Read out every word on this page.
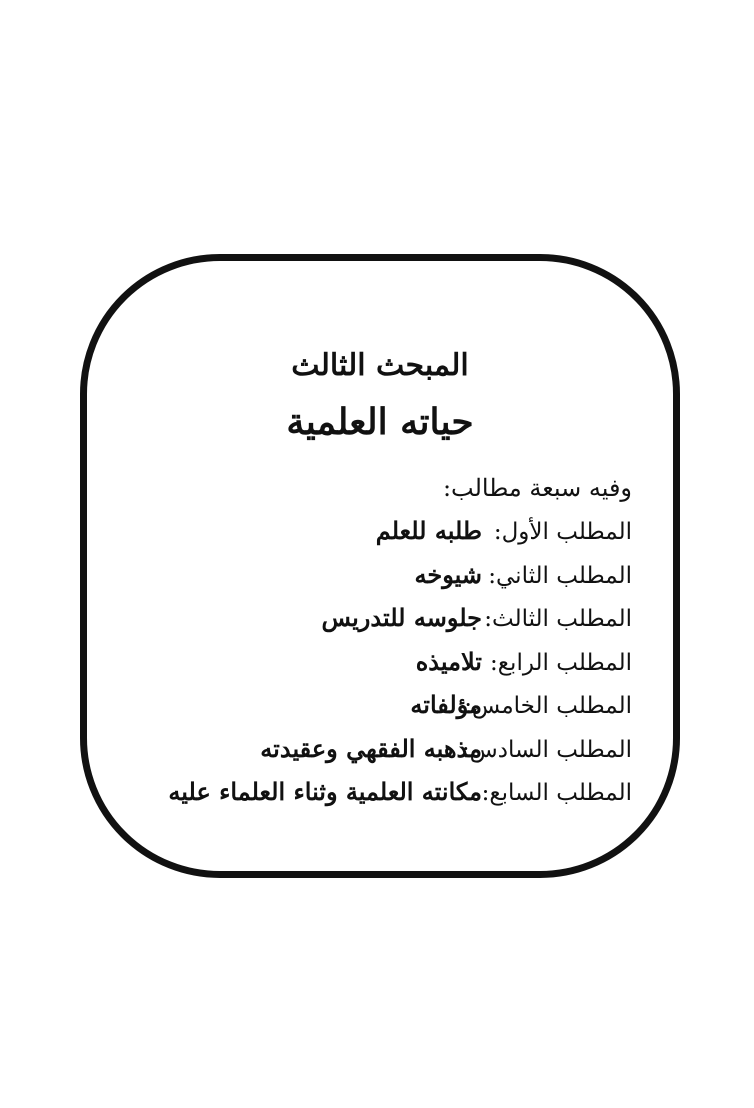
المبحث الثالث
حياته العلمية
وفيه سبعة مطالب:
المطلب الأول:طلبه للعلم
المطلب الثاني:شيوخه
المطلب الثالث:جلوسه للتدريس
المطلب الرابع:تلاميذه
المطلب الخامس:مؤلفاته
المطلب السادس:مذهبه الفقهي وعقيدته
المطلب السابع:مكانته العلمية وثناء العلماء عليه
